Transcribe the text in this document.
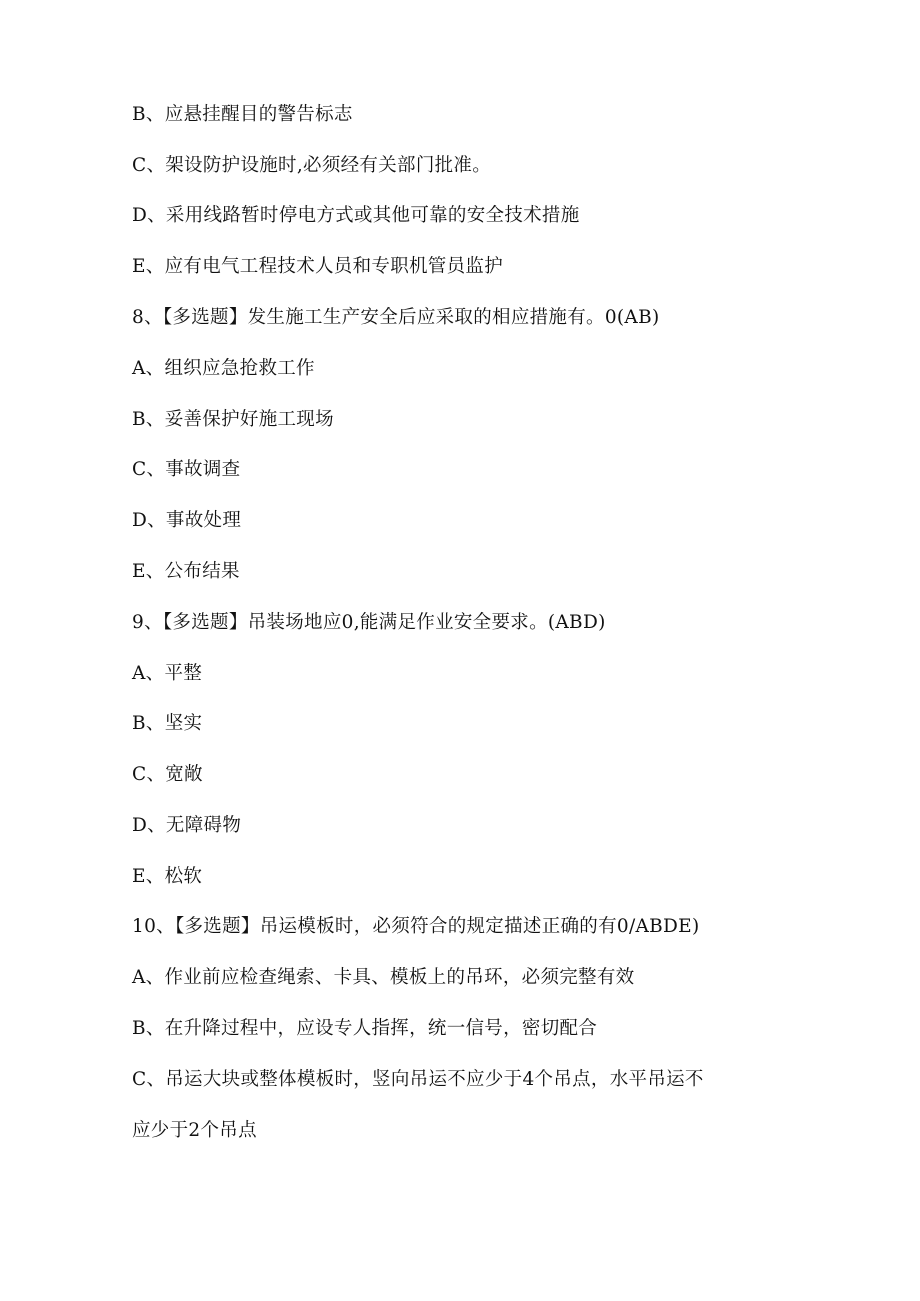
B、应悬挂醒目的警告标志
C、架设防护设施时,必须经有关部门批准。
D、采用线路暂时停电方式或其他可靠的安全技术措施
E、应有电气工程技术人员和专职机管员监护
8、【多选题】发生施工生产安全后应采取的相应措施有。0(AB)
A、组织应急抢救工作
B、妥善保护好施工现场
C、事故调查
D、事故处理
E、公布结果
9、【多选题】吊装场地应0,能满足作业安全要求。(ABD)
A、平整
B、坚实
C、宽敞
D、无障碍物
E、松软
10、【多选题】吊运模板时，必须符合的规定描述正确的有0/ABDE)
A、作业前应检查绳索、卡具、模板上的吊环，必须完整有效
B、在升降过程中，应设专人指挥，统一信号，密切配合
C、吊运大块或整体模板时，竖向吊运不应少于4个吊点，水平吊运不
应少于2个吊点
